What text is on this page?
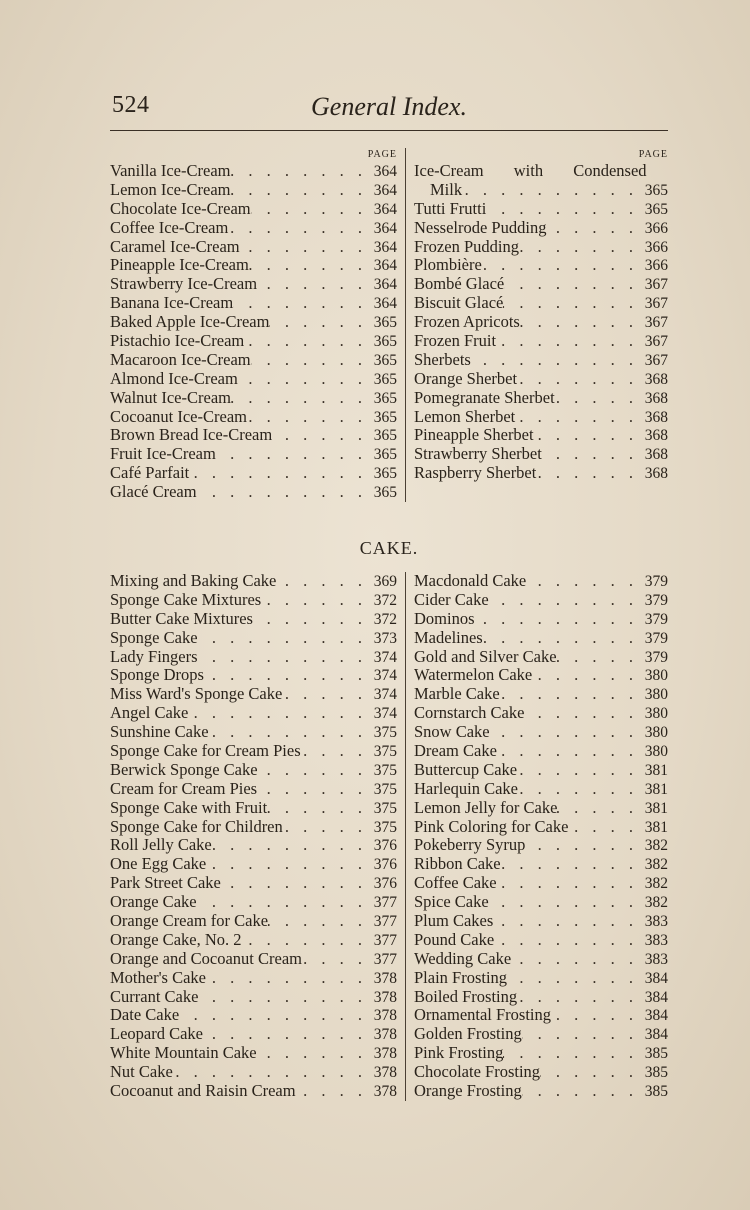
524	General Index.
PAGE
Vanilla Ice-Cream . . .	364
Lemon Ice-Cream . . .	364
Chocolate Ice-Cream . . .	364
Coffee Ice-Cream . . .	364
Caramel Ice-Cream . . .	364
Pineapple Ice-Cream . . .	364
Strawberry Ice-Cream . . .	364
Banana Ice-Cream . . .	364
Baked Apple Ice-Cream . . .	365
Pistachio Ice-Cream . . .	365
Macaroon Ice-Cream . . .	365
Almond Ice-Cream . . .	365
Walnut Ice-Cream . . .	365
Cocoanut Ice-Cream . . .	365
Brown Bread Ice-Cream . . .	365
Fruit Ice-Cream . . .	365
Café Parfait . . .	365
Glacé Cream . . .	365
PAGE
Ice-Cream with Condensed
Milk . . .	365
Tutti Frutti . . .	365
Nesselrode Pudding . . .	366
Frozen Pudding . . .	366
Plombière . . .	366
Bombé Glacé . . .	367
Biscuit Glacé . . .	367
Frozen Apricots . . .	367
Frozen Fruit . . .	367
Sherbets . . .	367
Orange Sherbet . . .	368
Pomegranate Sherbet . . .	368
Lemon Sherbet . . .	368
Pineapple Sherbet . . .	368
Strawberry Sherbet . . .	368
Raspberry Sherbet . . .	368
CAKE.
Mixing and Baking Cake . . .	369
Sponge Cake Mixtures . . .	372
Butter Cake Mixtures . . .	372
Sponge Cake . . .	373
Lady Fingers . . .	374
Sponge Drops . . .	374
Miss Ward's Sponge Cake . . .	374
Angel Cake . . .	374
Sunshine Cake . . .	375
Sponge Cake for Cream Pies . . .	375
Berwick Sponge Cake . . .	375
Cream for Cream Pies . . .	375
Sponge Cake with Fruit . . .	375
Sponge Cake for Children . . .	375
Roll Jelly Cake . . .	376
One Egg Cake . . .	376
Park Street Cake . . .	376
Orange Cake . . .	377
Orange Cream for Cake . . .	377
Orange Cake, No. 2 . . .	377
Orange and Cocoanut Cream . . .	377
Mother's Cake . . .	378
Currant Cake . . .	378
Date Cake . . .	378
Leopard Cake . . .	378
White Mountain Cake . . .	378
Nut Cake . . .	378
Cocoanut and Raisin Cream . . .	378
Macdonald Cake . . .	379
Cider Cake . . .	379
Dominos . . .	379
Madelines . . .	379
Gold and Silver Cake . . .	379
Watermelon Cake . . .	380
Marble Cake . . .	380
Cornstarch Cake . . .	380
Snow Cake . . .	380
Dream Cake . . .	380
Buttercup Cake . . .	381
Harlequin Cake . . .	381
Lemon Jelly for Cake . . .	381
Pink Coloring for Cake . . .	381
Pokeberry Syrup . . .	382
Ribbon Cake . . .	382
Coffee Cake . . .	382
Spice Cake . . .	382
Plum Cakes . . .	383
Pound Cake . . .	383
Wedding Cake . . .	383
Plain Frosting . . .	384
Boiled Frosting . . .	384
Ornamental Frosting . . .	384
Golden Frosting . . .	384
Pink Frosting . . .	385
Chocolate Frosting . . .	385
Orange Frosting . . .	385
